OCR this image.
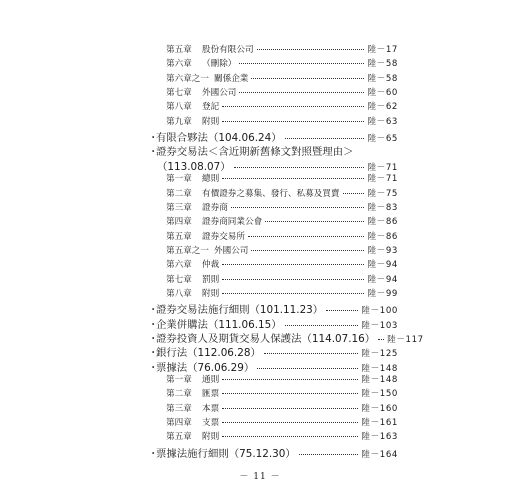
第五章	股份有限公司	陸－17
第六章	（刪除）	陸－58
第六章之一 關係企業	陸－58
第七章	外國公司	陸－60
第八章	登記	陸－62
第九章	附則	陸－63
・
有限合夥法（104.06.24）	陸－65
・
證券交易法＜含近期新舊條文對照暨理由＞
（113.08.07）	陸－71
第一章	總則	陸－71
第二章	有價證券之募集、發行、私募及買賣	陸－75
第三章	證券商	陸－83
第四章	證券商同業公會	陸－86
第五章	證券交易所	陸－86
第五章之一 外國公司	陸－93
第六章	仲裁	陸－94
第七章	罰則	陸－94
第八章	附則	陸－99
・
證券交易法施行細則（101.11.23）	陸－100
・
企業併購法（111.06.15）	陸－103
・
證券投資人及期貨交易人保護法（114.07.16） 陸－117
・
銀行法（112.06.28）	陸－125
・
票據法（76.06.29）	陸－148
第一章	通則	陸－148
第二章	匯票	陸－150
第三章	本票	陸－160
第四章	支票	陸－161
第五章	附則	陸－163
・
票據法施行細則（75.12.30）	陸－164
－ 11 －
